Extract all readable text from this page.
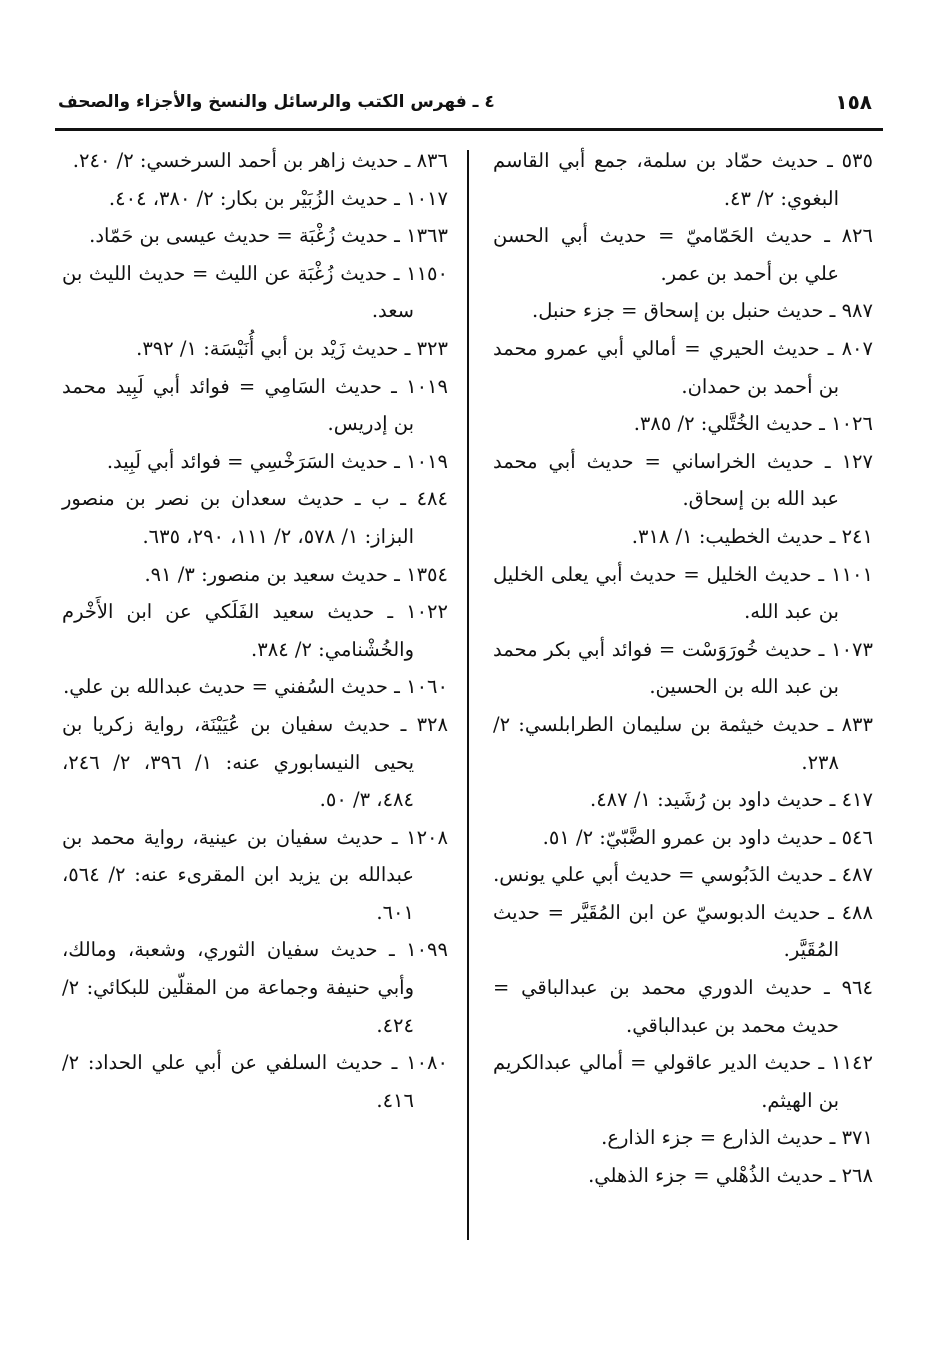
١٥٨
٤ ـ فهرس الكتب والرسائل والنسخ والأجزاء والصحف
٥٣٥ ـ حديث حمّاد بن سلمة، جمع أبي القاسم البغوي: ٢/ ٤٣.
٨٢٦ ـ حديث الحَمّاميّ = حديث أبي الحسن علي بن أحمد بن عمر.
٩٨٧ ـ حديث حنبل بن إسحاق = جزء حنبل.
٨٠٧ ـ حديث الحيري = أمالي أبي عمرو محمد بن أحمد بن حمدان.
١٠٢٦ ـ حديث الخُتَّلي: ٢/ ٣٨٥.
١٢٧ ـ حديث الخراساني = حديث أبي محمد عبد الله بن إسحاق.
٢٤١ ـ حديث الخطيب: ١/ ٣١٨.
١١٠١ ـ حديث الخليل = حديث أبي يعلى الخليل بن عبد الله.
١٠٧٣ ـ حديث خُورَوَسْت = فوائد أبي بكر محمد بن عبد الله بن الحسين.
٨٣٣ ـ حديث خيثمة بن سليمان الطرابلسي: ٢/ ٢٣٨.
٤١٧ ـ حديث داود بن رُشَيد: ١/ ٤٨٧.
٥٤٦ ـ حديث داود بن عمرو الضَّبّيّ: ٢/ ٥١.
٤٨٧ ـ حديث الدَبُوسي = حديث أبي علي يونس.
٤٨٨ ـ حديث الدبوسيّ عن ابن المُقَيَّر = حديث المُقَيَّر.
٩٦٤ ـ حديث الدوري محمد بن عبدالباقي = حديث محمد بن عبدالباقي.
١١٤٢ ـ حديث الدير عاقولي = أمالي عبدالكريم بن الهيثم.
٣٧١ ـ حديث الذارع = جزء الذارع.
٢٦٨ ـ حديث الذُهْلي = جزء الذهلي.
٨٣٦ ـ حديث زاهر بن أحمد السرخسي: ٢/ ٢٤٠.
١٠١٧ ـ حديث الزُبَيْر بن بكار: ٢/ ٣٨٠، ٤٠٤.
١٣٦٣ ـ حديث زُغْبَة = حديث عيسى بن حَمّاد.
١١٥٠ ـ حديث زُغْبَة عن الليث = حديث الليث بن سعد.
٣٢٣ ـ حديث زَيْد بن أبي أُنَيْسَة: ١/ ٣٩٢.
١٠١٩ ـ حديث السَامِي = فوائد أبي لَبِيد محمد بن إدريس.
١٠١٩ ـ حديث السَرَخْسِي = فوائد أبي لَبِيد.
٤٨٤ ـ ب ـ حديث سعدان بن نصر بن منصور البزاز: ١/ ٥٧٨، ٢/ ١١١، ٢٩٠، ٦٣٥.
١٣٥٤ ـ حديث سعيد بن منصور: ٣/ ٩١.
١٠٢٢ ـ حديث سعيد الفَلَكي عن ابن الأَخْرم والخُشْنامي: ٢/ ٣٨٤.
١٠٦٠ ـ حديث السُفني = حديث عبدالله بن علي.
٣٢٨ ـ حديث سفيان بن عُيَيْنَة، رواية زكريا بن يحيى النيسابوري عنه: ١/ ٣٩٦، ٢/ ٢٤٦، ٤٨٤، ٣/ ٥٠.
١٢٠٨ ـ حديث سفيان بن عينية، رواية محمد بن عبدالله بن يزيد ابن المقرىء عنه: ٢/ ٥٦٤، ٦٠١.
١٠٩٩ ـ حديث سفيان الثوري، وشعبة، ومالك، وأبي حنيفة وجماعة من المقلّين للبكائي: ٢/ ٤٢٤.
١٠٨٠ ـ حديث السلفي عن أبي علي الحداد: ٢/ ٤١٦.
